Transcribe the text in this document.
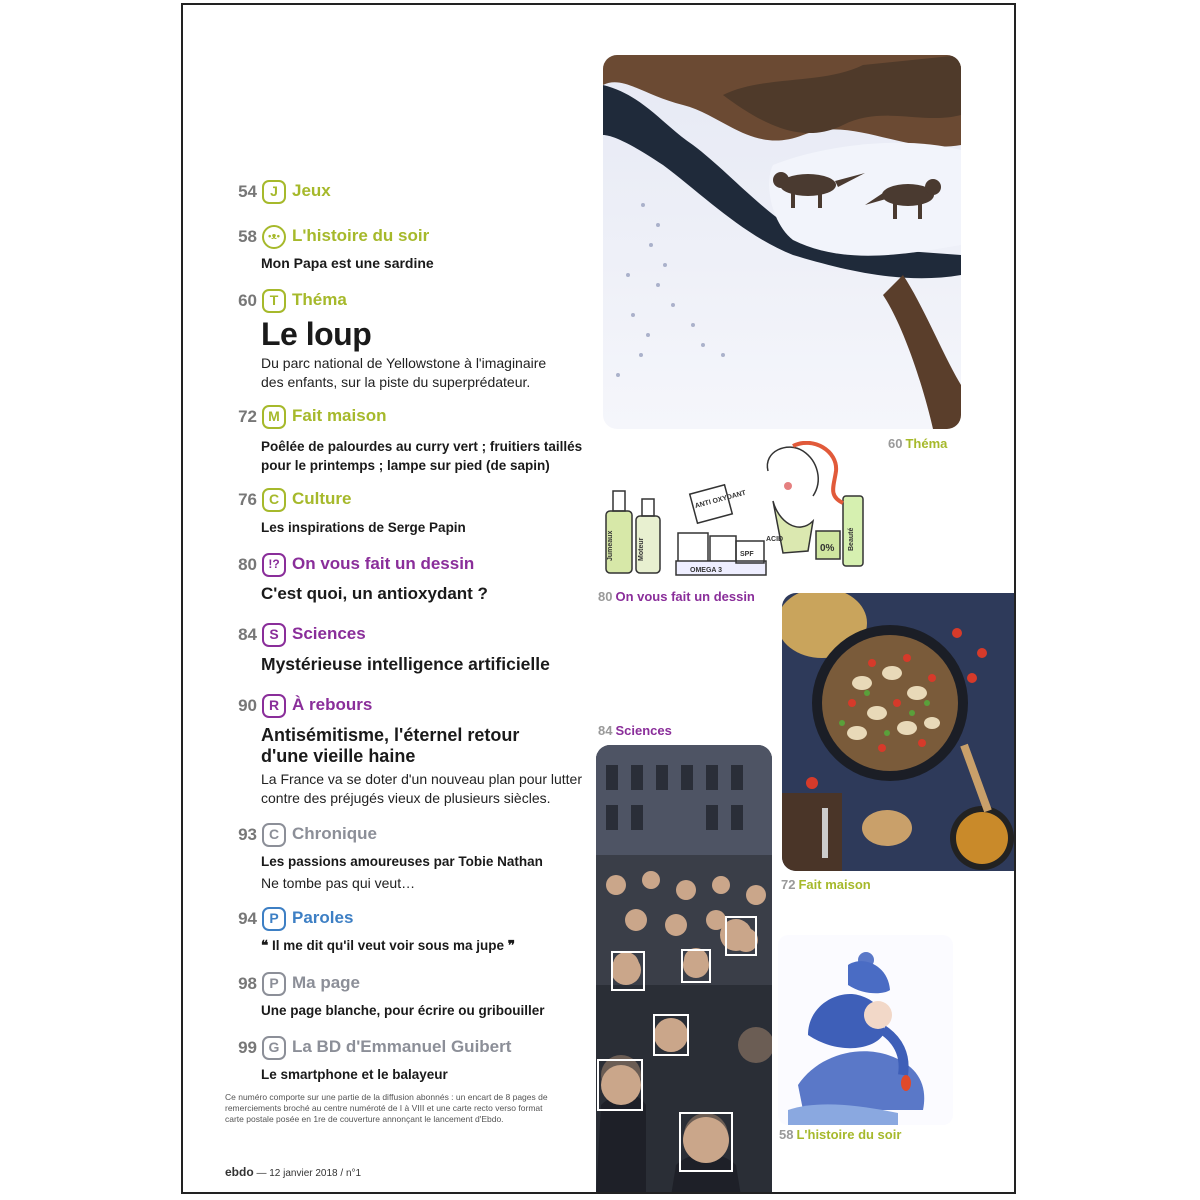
54 J Jeux
58	•ᴥ• L'histoire du soir
Mon Papa est une sardine
60 T Théma
Le loup
Du parc national de Yellowstone à l'imaginaire
des enfants, sur la piste du superprédateur.
72 M Fait maison
Poêlée de palourdes au curry vert ; fruitiers taillés
pour le printemps ; lampe sur pied (de sapin)
76 C Culture
Les inspirations de Serge Papin
80 !? On vous fait un dessin
C'est quoi, un antioxydant ?
84 S Sciences
Mystérieuse intelligence artificielle
90 R À rebours
Antisémitisme, l'éternel retour
d'une vieille haine
La France va se doter d'un nouveau plan pour lutter
contre des préjugés vieux de plusieurs siècles.
93 C Chronique
Les passions amoureuses par Tobie Nathan
Ne tombe pas qui veut…
94 P Paroles
❝ Il me dit qu'il veut voir sous ma jupe ❞
98 P Ma page
Une page blanche, pour écrire ou gribouiller
99 G La BD d'Emmanuel Guibert
Le smartphone et le balayeur
Ce numéro comporte sur une partie de la diffusion abonnés : un encart de 8 pages de remerciements broché au centre numéroté de I à VIII et une carte recto verso format carte postale posée en 1re de couverture annonçant le lancement d'Ebdo.
ebdo — 12 janvier 2018 / n°1
60 Théma
Jumeaux	Moteur	Beauté
ANTI OXYDANT
OMEGA 3
SPF
ACID
0%
80 On vous fait un dessin
72 Fait maison
84 Sciences
58 L'histoire du soir
